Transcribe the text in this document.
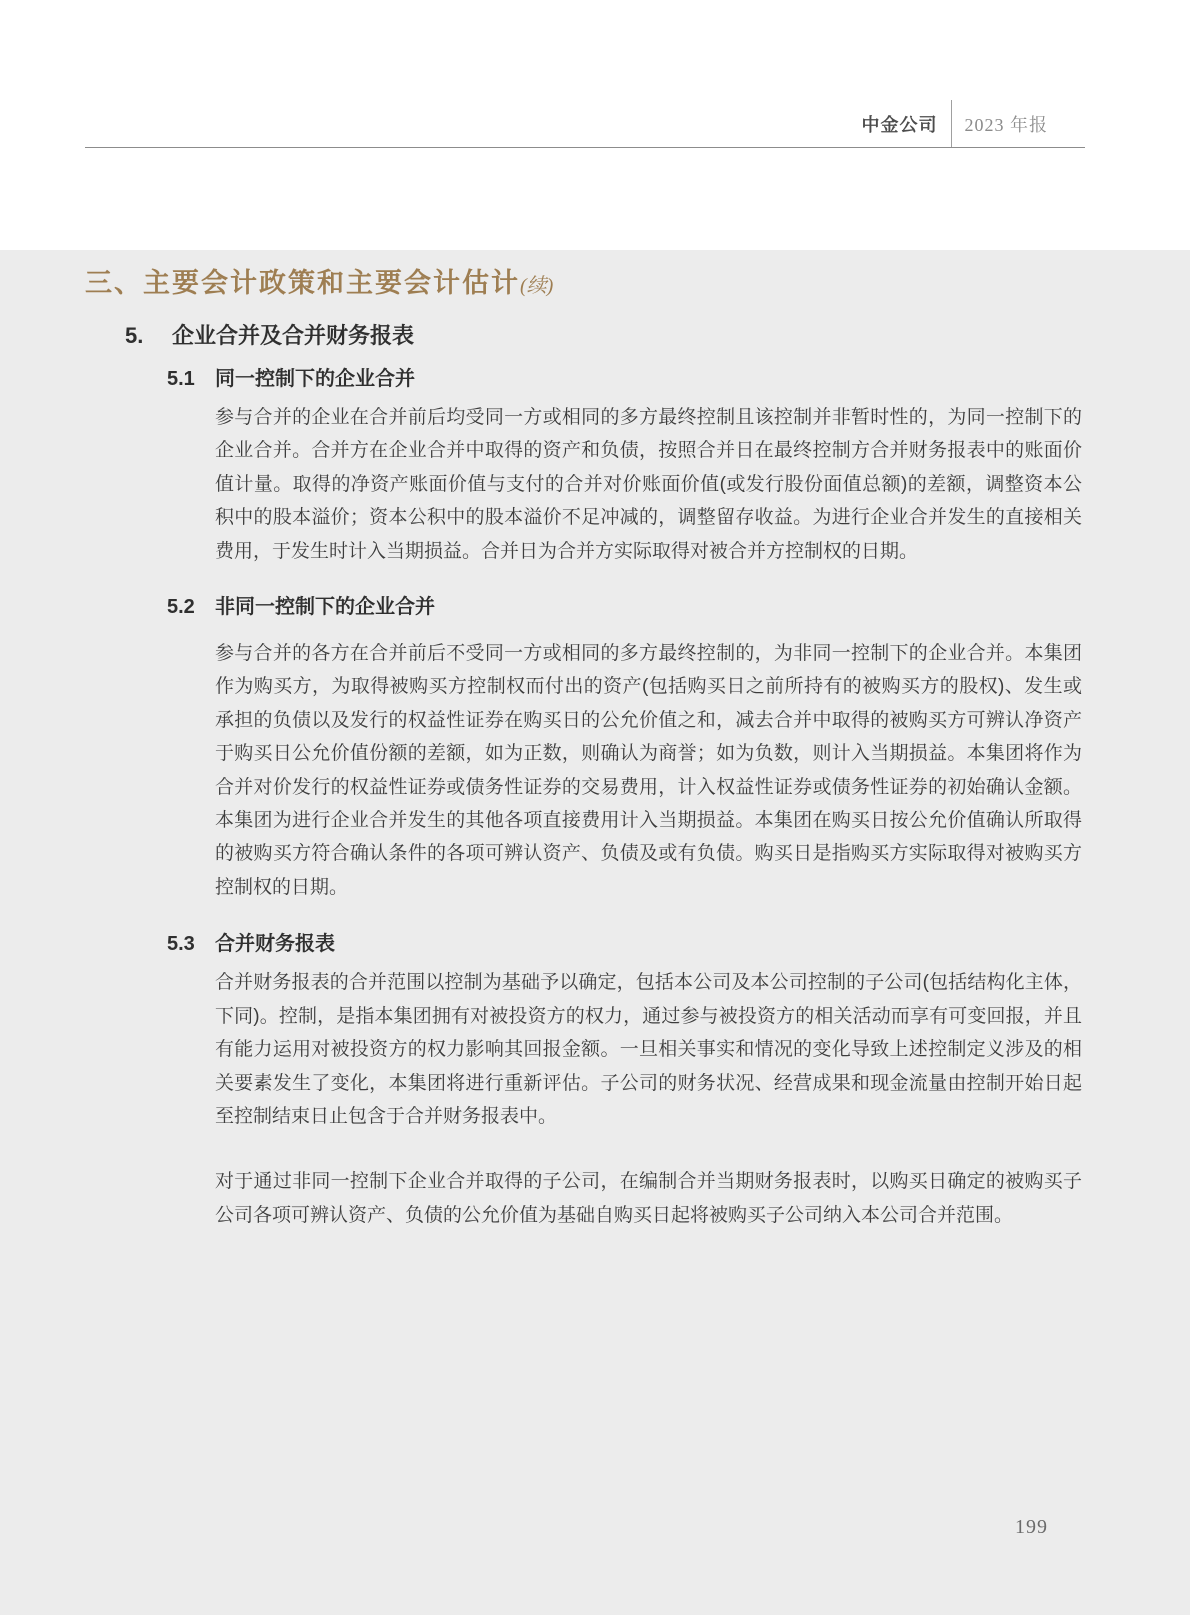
中金公司 2023 年报
三、主要会计政策和主要会计估计(续)
5.	企业合并及合并财务报表
5.1	同一控制下的企业合并

参与合并的企业在合并前后均受同一方或相同的多方最终控制且该控制并非暂时性的，为同一控制下的企业合并。合并方在企业合并中取得的资产和负债，按照合并日在最终控制方合并财务报表中的账面价值计量。取得的净资产账面价值与支付的合并对价账面价值(或发行股份面值总额)的差额，调整资本公积中的股本溢价；资本公积中的股本溢价不足冲减的，调整留存收益。为进行企业合并发生的直接相关费用，于发生时计入当期损益。合并日为合并方实际取得对被合并方控制权的日期。

5.2	非同一控制下的企业合并

参与合并的各方在合并前后不受同一方或相同的多方最终控制的，为非同一控制下的企业合并。本集团作为购买方，为取得被购买方控制权而付出的资产(包括购买日之前所持有的被购买方的股权)、发生或承担的负债以及发行的权益性证券在购买日的公允价值之和，减去合并中取得的被购买方可辨认净资产于购买日公允价值份额的差额，如为正数，则确认为商誉；如为负数，则计入当期损益。本集团将作为合并对价发行的权益性证券或债务性证券的交易费用，计入权益性证券或债务性证券的初始确认金额。本集团为进行企业合并发生的其他各项直接费用计入当期损益。本集团在购买日按公允价值确认所取得的被购买方符合确认条件的各项可辨认资产、负债及或有负债。购买日是指购买方实际取得对被购买方控制权的日期。

5.3	合并财务报表

合并财务报表的合并范围以控制为基础予以确定，包括本公司及本公司控制的子公司(包括结构化主体，下同)。控制，是指本集团拥有对被投资方的权力，通过参与被投资方的相关活动而享有可变回报，并且有能力运用对被投资方的权力影响其回报金额。一旦相关事实和情况的变化导致上述控制定义涉及的相关要素发生了变化，本集团将进行重新评估。子公司的财务状况、经营成果和现金流量由控制开始日起至控制结束日止包含于合并财务报表中。

对于通过非同一控制下企业合并取得的子公司，在编制合并当期财务报表时，以购买日确定的被购买子公司各项可辨认资产、负债的公允价值为基础自购买日起将被购买子公司纳入本公司合并范围。

199
